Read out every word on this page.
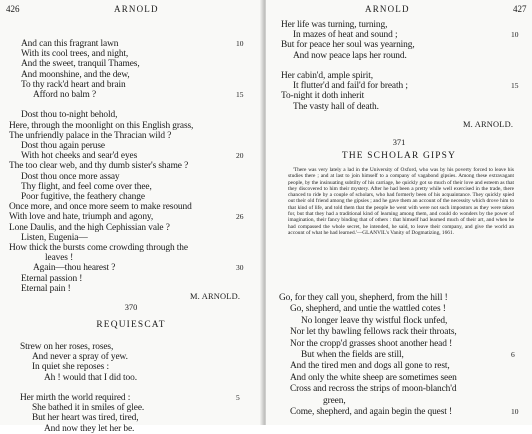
426	ARNOLD
And can this fragrant lawn	10
With its cool trees, and night,
And the sweet, tranquil Thames,
And moonshine, and the dew,
To thy rack'd heart and brain
Afford no balm ?	15
Dost thou to-night behold,
Here, through the moonlight on this English grass,
The unfriendly palace in the Thracian wild ?
Dost thou again peruse
With hot cheeks and sear'd eyes	20
The too clear web, and thy dumb sister's shame ?
Dost thou once more assay
Thy flight, and feel come over thee,
Poor fugitive, the feathery change
Once more, and once more seem to make resound
With love and hate, triumph and agony,	26
Lone Daulis, and the high Cephissian vale ?
Listen, Eugenia—
How thick the bursts come crowding through the
leaves !
Again—thou hearest ?	30
Eternal passion !
Eternal pain !
M. ARNOLD.
370
REQUIESCAT
Strew on her roses, roses,
And never a spray of yew.
In quiet she reposes :
Ah ! would that I did too.
Her mirth the world required :	5
She bathed it in smiles of glee.
But her heart was tired, tired,
And now they let her be.
ARNOLD	427
Her life was turning, turning,
In mazes of heat and sound ;	10
But for peace her soul was yearning,
And now peace laps her round.
Her cabin'd, ample spirit,
It flutter'd and fail'd for breath ;	15
To-night it doth inherit
The vasty hall of death.
M. ARNOLD.
371
THE SCHOLAR GIPSY
'There was very lately a lad in the University of Oxford, who was by his poverty forced to leave his studies there ; and at last to join himself to a company of vagabond gipsies. Among these extravagant people, by the insinuating subtilty of his carriage, he quickly got so much of their love and esteem as that they discovered to him their mystery. After he had been a pretty while well exercised in the trade, there chanced to ride by a couple of scholars, who had formerly been of his acquaintance. They quickly spied out their old friend among the gipsies ; and he gave them an account of the necessity which drove him to that kind of life, and told them that the people he went with were not such impostors as they were taken for, but that they had a traditional kind of learning among them, and could do wonders by the power of imagination, their fancy binding that of others : that himself had learned much of their art, and when he had compassed the whole secret, he intended, he said, to leave their company, and give the world an account of what he had learned.'—GLANVIL's Vanity of Dogmatizing, 1661.
Go, for they call you, shepherd, from the hill !
Go, shepherd, and untie the wattled cotes !
No longer leave thy wistful flock unfed,
Nor let thy bawling fellows rack their throats,
Nor the cropp'd grasses shoot another head !
But when the fields are still,	6
And the tired men and dogs all gone to rest,
And only the white sheep are sometimes seen
Cross and recross the strips of moon-blanch'd
green,
Come, shepherd, and again begin the quest !	10
